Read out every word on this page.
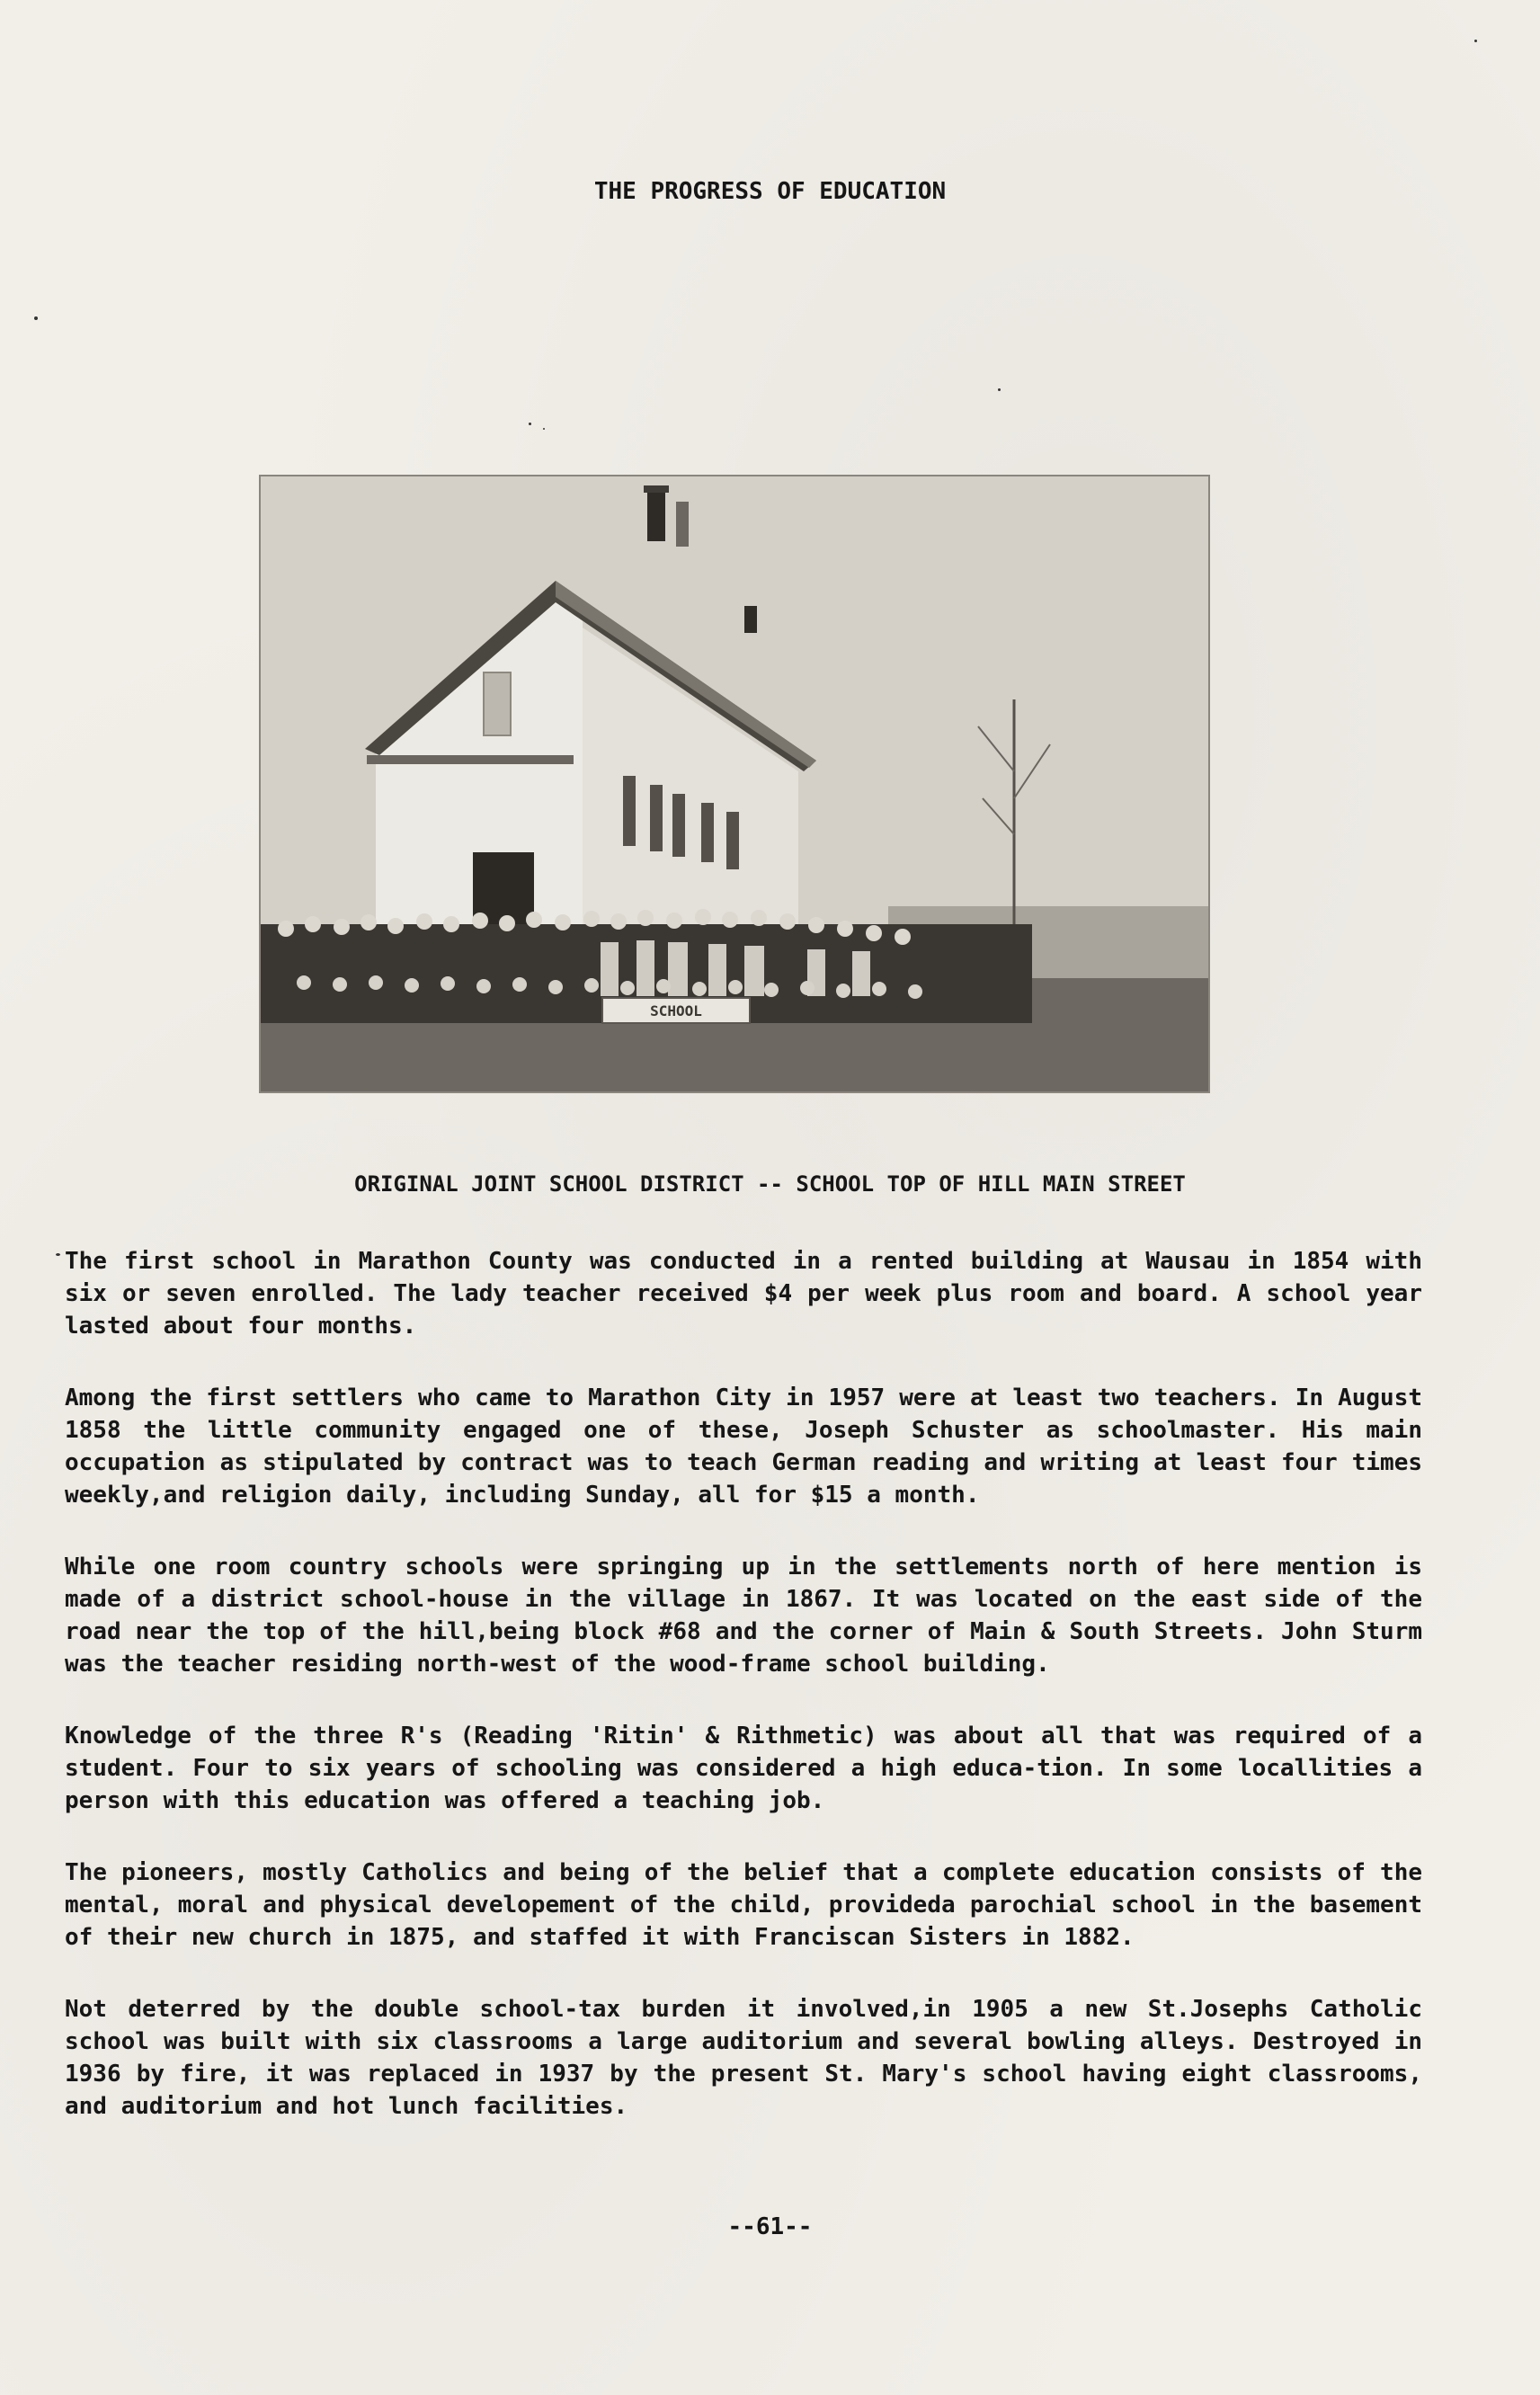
THE PROGRESS OF EDUCATION
SCHOOL
ORIGINAL JOINT SCHOOL DISTRICT -- SCHOOL TOP OF HILL MAIN STREET

The first school in Marathon County was conducted in a rented building at Wausau in 1854 with six or seven enrolled. The lady teacher received $4 per week plus room and board. A school year lasted about four months.

Among the first settlers who came to Marathon City in 1957 were at least two teachers. In August 1858 the little community engaged one of these, Joseph Schuster as schoolmaster. His main occupation as stipulated by contract was to teach German reading and writing at least four times weekly,and religion daily, including Sunday, all for $15 a month.

While one room country schools were springing up in the settlements north of here mention is made of a district school-house in the village in 1867. It was located on the east side of the road near the top of the hill,being block #68 and the corner of Main & South Streets. John Sturm was the teacher residing north-west of the wood-frame school building.

Knowledge of the three R's (Reading 'Ritin' & Rithmetic) was about all that was required of a student. Four to six years of schooling was considered a high educa-tion. In some locallities a person with this education was offered a teaching job.

The pioneers, mostly Catholics and being of the belief that a complete education consists of the mental, moral and physical developement of the child, provideda parochial school in the basement of their new church in 1875, and staffed it with Franciscan Sisters in 1882.

Not deterred by the double school-tax burden it involved,in 1905 a new St.Josephs Catholic school was built with six classrooms a large auditorium and several bowling alleys. Destroyed in 1936 by fire, it was replaced in 1937 by the present St. Mary's school having eight classrooms, and auditorium and hot lunch facilities.

--61--
